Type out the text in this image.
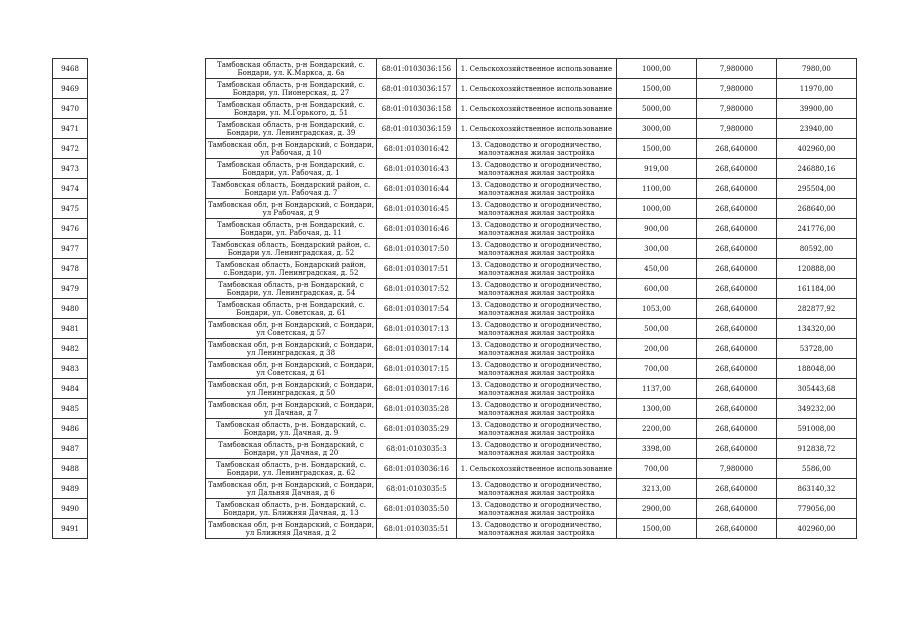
9468		Тамбовская область, р-н Бондарский, с.
Бондари, ул. К.Маркса, д. 6а	68:01:0103036:156	1. Сельскохозяйственное использование	1000,00	7,980000	7980,00
9469		Тамбовская область, р-н Бондарский, с.
Бондари, ул. Пионерская, д. 27	68:01:0103036:157	1. Сельскохозяйственное использование	1500,00	7,980000	11970,00
9470		Тамбовская область, р-н Бондарский, с.
Бондари, ул. М.Горького, д. 51	68:01:0103036:158	1. Сельскохозяйственное использование	5000,00	7,980000	39900,00
9471		Тамбовская область, р-н Бондарский, с.
Бондари, ул. Ленинградская, д. 39	68:01:0103036:159	1. Сельскохозяйственное использование	3000,00	7,980000	23940,00
9472		Тамбовская обл, р-н Бондарский, с Бондари,
ул Рабочая, д 10	68:01:0103016:42	13. Садоводство и огородничество,
малоэтажная жилая застройка	1500,00	268,640000	402960,00
9473		Тамбовская область, р-н Бондарский, с.
Бондари, ул. Рабочая, д. 1	68:01:0103016:43	13. Садоводство и огородничество,
малоэтажная жилая застройка	919,00	268,640000	246880,16
9474		Тамбовская область, Бондарский район, с.
Бондари ул. Рабочая д. 7	68:01:0103016:44	13. Садоводство и огородничество,
малоэтажная жилая застройка	1100,00	268,640000	295504,00
9475		Тамбовская обл, р-н Бондарский, с Бондари,
ул Рабочая, д 9	68:01:0103016:45	13. Садоводство и огородничество,
малоэтажная жилая застройка	1000,00	268,640000	268640,00
9476		Тамбовская область, р-н Бондарский, с.
Бондари, ул. Рабочая, д. 11	68:01:0103016:46	13. Садоводство и огородничество,
малоэтажная жилая застройка	900,00	268,640000	241776,00
9477		Тамбовская область, Бондарский район, с.
Бондари ул. Ленинградская, д. 52	68:01:0103017:50	13. Садоводство и огородничество,
малоэтажная жилая застройка	300,00	268,640000	80592,00
9478		Тамбовская область, Бондарский район,
с.Бондари, ул. Ленинградская, д. 52	68:01:0103017:51	13. Садоводство и огородничество,
малоэтажная жилая застройка	450,00	268,640000	120888,00
9479		Тамбовская область, р-н Бондарский, с
Бондари, ул. Ленинградская, д. 54	68:01:0103017:52	13. Садоводство и огородничество,
малоэтажная жилая застройка	600,00	268,640000	161184,00
9480		Тамбовская область, р-н Бондарский, с.
Бондари, ул. Советская, д. 61	68:01:0103017:54	13. Садоводство и огородничество,
малоэтажная жилая застройка	1053,00	268,640000	282877,92
9481		Тамбовская обл, р-н Бондарский, с Бондари,
ул Советская, д 57	68:01:0103017:13	13. Садоводство и огородничество,
малоэтажная жилая застройка	500,00	268,640000	134320,00
9482		Тамбовская обл, р-н Бондарский, с Бондари,
ул Ленинградская, д 38	68:01:0103017:14	13. Садоводство и огородничество,
малоэтажная жилая застройка	200,00	268,640000	53728,00
9483		Тамбовская обл, р-н Бондарский, с Бондари,
ул Советская, д 61	68:01:0103017:15	13. Садоводство и огородничество,
малоэтажная жилая застройка	700,00	268,640000	188048,00
9484		Тамбовская обл, р-н Бондарский, с Бондари,
ул Ленинградская, д 50	68:01:0103017:16	13. Садоводство и огородничество,
малоэтажная жилая застройка	1137,00	268,640000	305443,68
9485		Тамбовская обл, р-н Бондарский, с Бондари,
ул Дачная, д 7	68:01:0103035:28	13. Садоводство и огородничество,
малоэтажная жилая застройка	1300,00	268,640000	349232,00
9486		Тамбовская область, р-н. Бондарский, с.
Бондари, ул. Дачная, д. 9	68:01:0103035:29	13. Садоводство и огородничество,
малоэтажная жилая застройка	2200,00	268,640000	591008,00
9487		Тамбовская область, р-н Бондарский, с
Бондари, ул Дачная, д 20	68:01:0103035:3	13. Садоводство и огородничество,
малоэтажная жилая застройка	3398,00	268,640000	912838,72
9488		Тамбовская область, р-н. Бондарский, с.
Бондари, ул. Ленинградская, д. 62	68:01:0103036:16	1. Сельскохозяйственное использование	700,00	7,980000	5586,00
9489		Тамбовская обл, р-н Бондарский, с Бондари,
ул Дальняя Дачная, д 6	68:01:0103035:5	13. Садоводство и огородничество,
малоэтажная жилая застройка	3213,00	268,640000	863140,32
9490		Тамбовская область, р-н. Бондарский, с.
Бондари, ул. Ближняя Дачная, д. 13	68:01:0103035:50	13. Садоводство и огородничество,
малоэтажная жилая застройка	2900,00	268,640000	779056,00
9491		Тамбовская обл, р-н Бондарский, с Бондари,
ул Ближняя Дачная, д 2	68:01:0103035:51	13. Садоводство и огородничество,
малоэтажная жилая застройка	1500,00	268,640000	402960,00
